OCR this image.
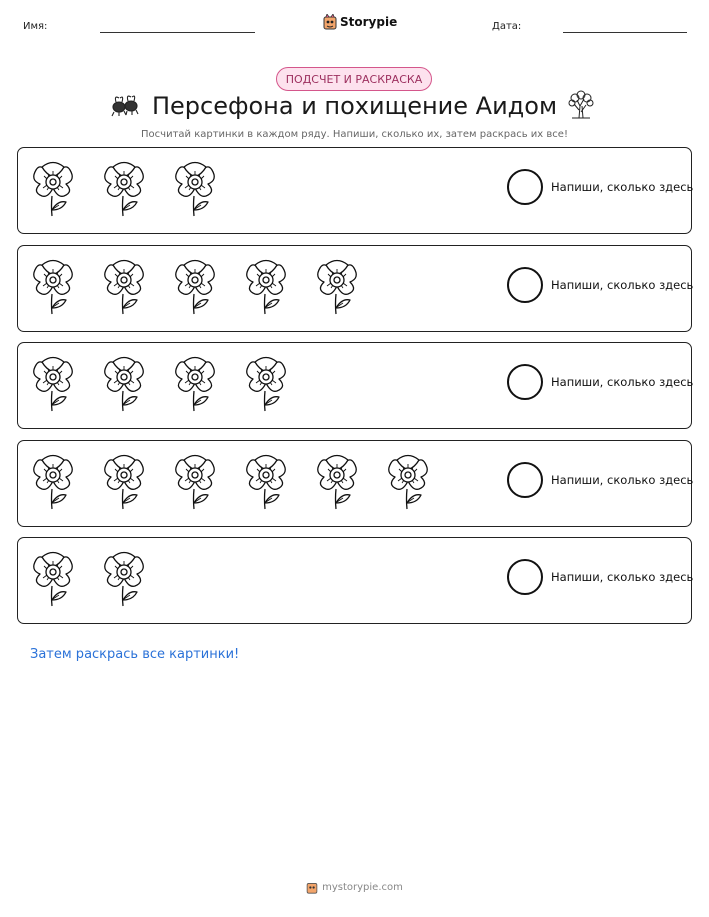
Имя:	Storypie	Дата:
ПОДСЧЕТ И РАСКРАСКА
Персефона и похищение Аидом
Посчитай картинки в каждом ряду. Напиши, сколько их, затем раскрась их все!
Напиши, сколько здесь
Напиши, сколько здесь
Напиши, сколько здесь
Напиши, сколько здесь
Напиши, сколько здесь
Затем раскрась все картинки!
mystorypie.com
